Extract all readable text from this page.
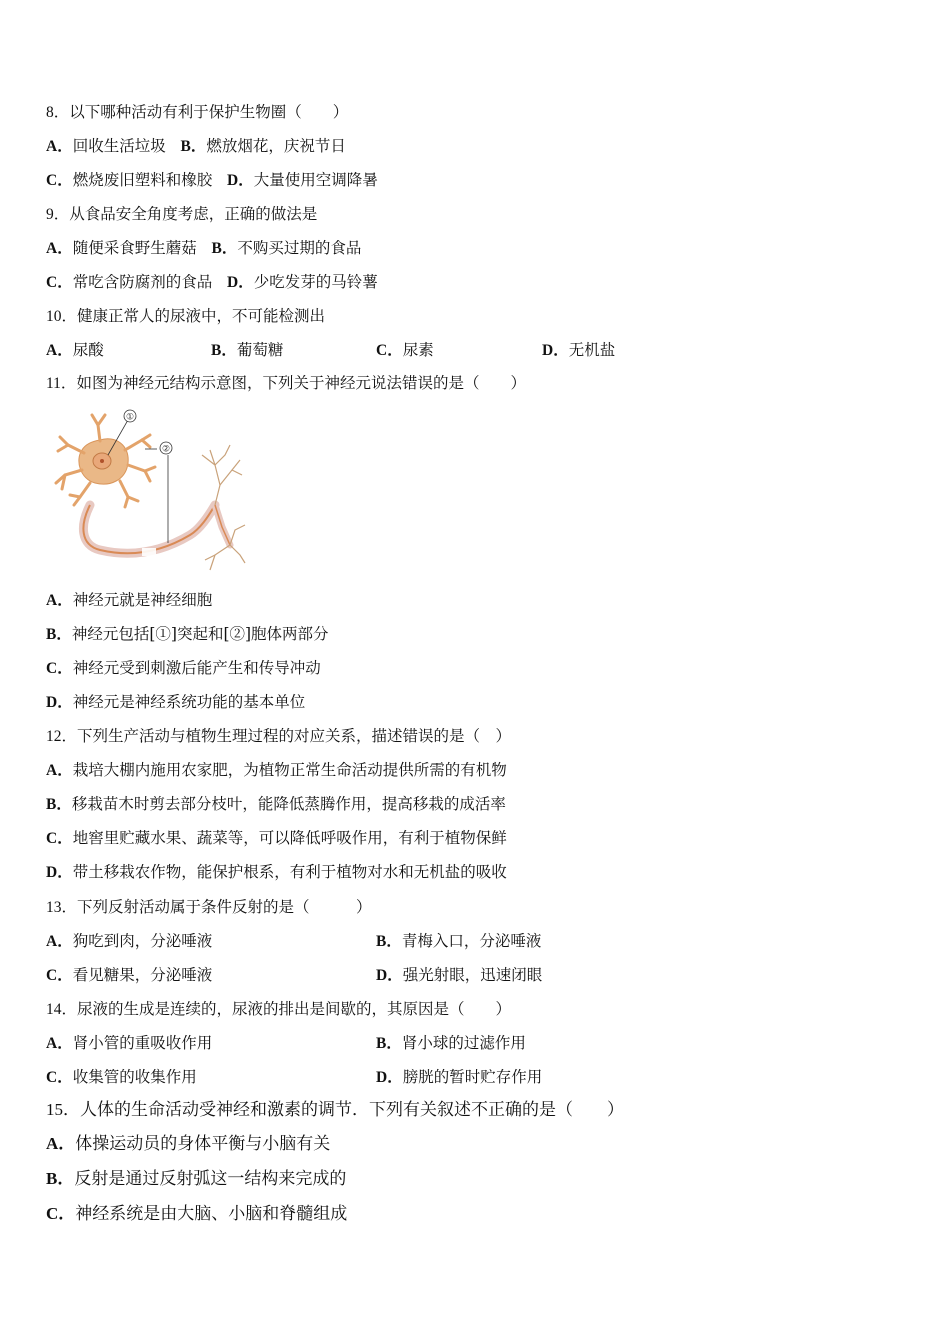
8．以下哪种活动有利于保护生物圈（　　）
A．回收生活垃圾 B．燃放烟花，庆祝节日
C．燃烧废旧塑料和橡胶 D．大量使用空调降暑
9．从食品安全角度考虑，正确的做法是
A．随便采食野生蘑菇 B．不购买过期的食品
C．常吃含防腐剂的食品 D．少吃发芽的马铃薯
10．健康正常人的尿液中，不可能检测出
A．尿酸	B．葡萄糖	C．尿素	D．无机盐
11．如图为神经元结构示意图，下列关于神经元说法错误的是（　　）
①
②
A．神经元就是神经细胞
B．神经元包括[①]突起和[②]胞体两部分
C．神经元受到刺激后能产生和传导冲动
D．神经元是神经系统功能的基本单位
12．下列生产活动与植物生理过程的对应关系，描述错误的是（　）
A．栽培大棚内施用农家肥，为植物正常生命活动提供所需的有机物
B．移栽苗木时剪去部分枝叶，能降低蒸腾作用，提高移栽的成活率
C．地窖里贮藏水果、蔬菜等，可以降低呼吸作用，有利于植物保鲜
D．带土移栽农作物，能保护根系，有利于植物对水和无机盐的吸收
13．下列反射活动属于条件反射的是（　　　）
A．狗吃到肉，分泌唾液	B．青梅入口，分泌唾液
C．看见糖果，分泌唾液	D．强光射眼，迅速闭眼
14．尿液的生成是连续的，尿液的排出是间歇的，其原因是（　　）
A．肾小管的重吸收作用	B．肾小球的过滤作用
C．收集管的收集作用	D．膀胱的暂时贮存作用
15．人体的生命活动受神经和激素的调节．下列有关叙述不正确的是（　　）
A．体操运动员的身体平衡与小脑有关
B．反射是通过反射弧这一结构来完成的
C．神经系统是由大脑、小脑和脊髓组成
